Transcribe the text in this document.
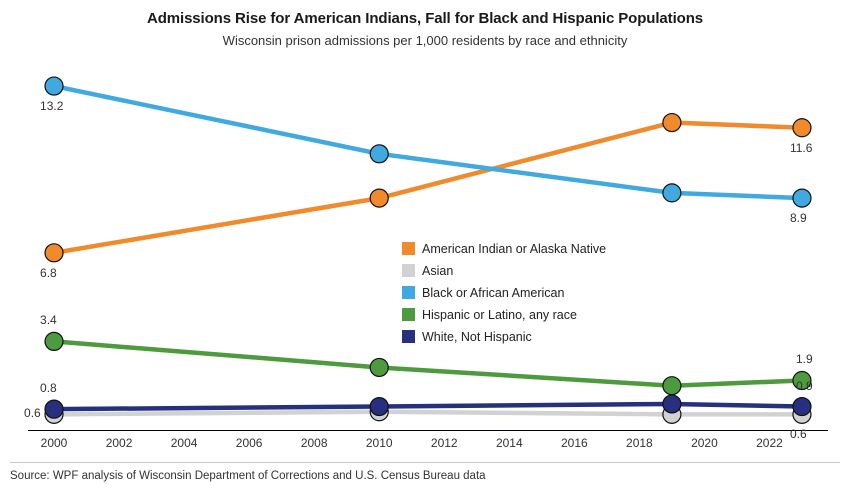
Admissions Rise for American Indians, Fall for Black and Hispanic Populations
Wisconsin prison admissions per 1,000 residents by race and ethnicity
2000	2002	2004	2006	2008	2010	2012	2014	2016	2018	2020	2022
6.8
11.6
0.6
0.6
13.2
8.9
3.4
1.9
0.8	0.9
American Indian or Alaska Native
Asian
Black or African American
Hispanic or Latino, any race
White, Not Hispanic
Source: WPF analysis of Wisconsin Department of Corrections and U.S. Census Bureau data
